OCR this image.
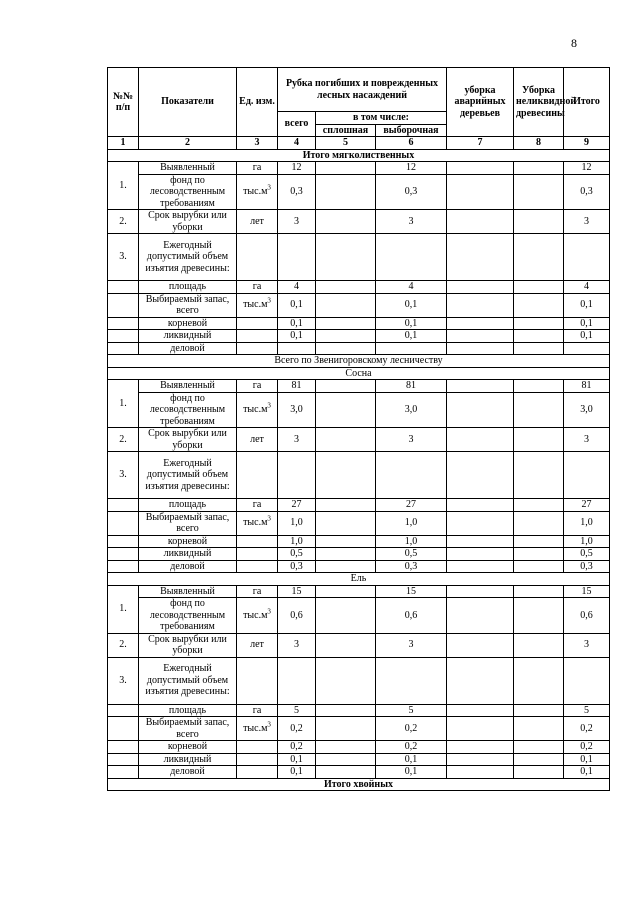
8
№№ п/п	Показатели	Ед. изм.	Рубка погибших и поврежденных лесных насаждений			уборка аварийных деревьев	Уборка неликвидной древесины	Итого
			всего	в том числе:				
				сплошная	выборочная			
1	2	3	4	5	6	7	8	9
Итого мягколиственных								
1.	Выявленный	га	12		12			12
	фонд по лесоводственным требованиям	$тыс.м^3$	0,3		0,3			0,3
2.	Срок вырубки или уборки	лет	3		3			3
3.	Ежегодный допустимый объем изъятия древесины:							
	площадь	га	4		4			4
	Выбираемый запас, всего	$тыс.м^3$	0,1		0,1			0,1
	корневой		0,1		0,1			0,1
	ликвидный		0,1		0,1			0,1
	деловой							
Всего по Звенигоровскому лесничеству								
Сосна								
1.	Выявленный	га	81		81			81
	фонд по лесоводственным требованиям	$тыс.м^3$	3,0		3,0			3,0
2.	Срок вырубки или уборки	лет	3		3			3
3.	Ежегодный допустимый объем изъятия древесины:							
	площадь	га	27		27			27
	Выбираемый запас, всего	$тыс.м^3$	1,0		1,0			1,0
	корневой		1,0		1,0			1,0
	ликвидный		0,5		0,5			0,5
	деловой		0,3		0,3			0,3
Ель								
1.	Выявленный	га	15		15			15
	фонд по лесоводственным требованиям	$тыс.м^3$	0,6		0,6			0,6
2.	Срок вырубки или уборки	лет	3		3			3
3.	Ежегодный допустимый объем изъятия древесины:							
	площадь	га	5		5			5
	Выбираемый запас, всего	$тыс.м^3$	0,2		0,2			0,2
	корневой		0,2		0,2			0,2
	ликвидный		0,1		0,1			0,1
	деловой		0,1		0,1			0,1
Итого хвойных								
